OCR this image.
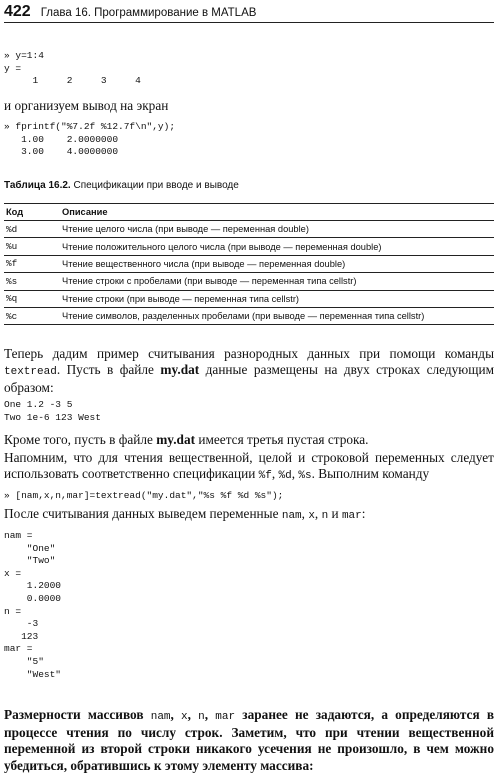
422 Глава 16. Программирование в MATLAB
» y=1:4
y =
1     2     3     4

и организуем вывод на экран

» fprintf("%7.2f %12.7f\n",y);
1.00    2.0000000
3.00    4.0000000
Таблица 16.2. Спецификации при вводе и выводе
Код	Описание
%d	Чтение целого числа (при выводе — переменная double)
%u	Чтение положительного целого числа (при выводе — переменная double)
%f	Чтение вещественного числа (при выводе — переменная double)
%s	Чтение строки с пробелами (при выводе — переменная типа cellstr)
%q	Чтение строки (при выводе — переменная типа cellstr)
%c	Чтение символов, разделенных пробелами (при выводе — переменная типа cellstr)

Теперь дадим пример считывания разнородных данных при помощи команды textread. Пусть в файле my.dat данные размещены на двух строках следующим образом:

One 1.2 -3 5
Two 1e-6 123 West

Кроме того, пусть в файле my.dat имеется третья пустая строка.

Напомним, что для чтения вещественной, целой и строковой переменных следует использовать соответственно спецификации %f, %d, %s. Выполним команду

» [nam,x,n,mar]=textread("my.dat","%s %f %d %s");

После считывания данных выведем переменные nam, x, n и mar:

nam =
"One"
"Two"
x =
1.2000
0.0000
n =
-3
123
mar =
"5"
"West"

Размерности массивов nam, x, n, mar заранее не задаются, а определяются в процессе чтения по числу строк. Заметим, что при чтении вещественной переменной из второй строки никакого усечения не произошло, в чем можно убедиться, обратившись к этому элементу массива:
